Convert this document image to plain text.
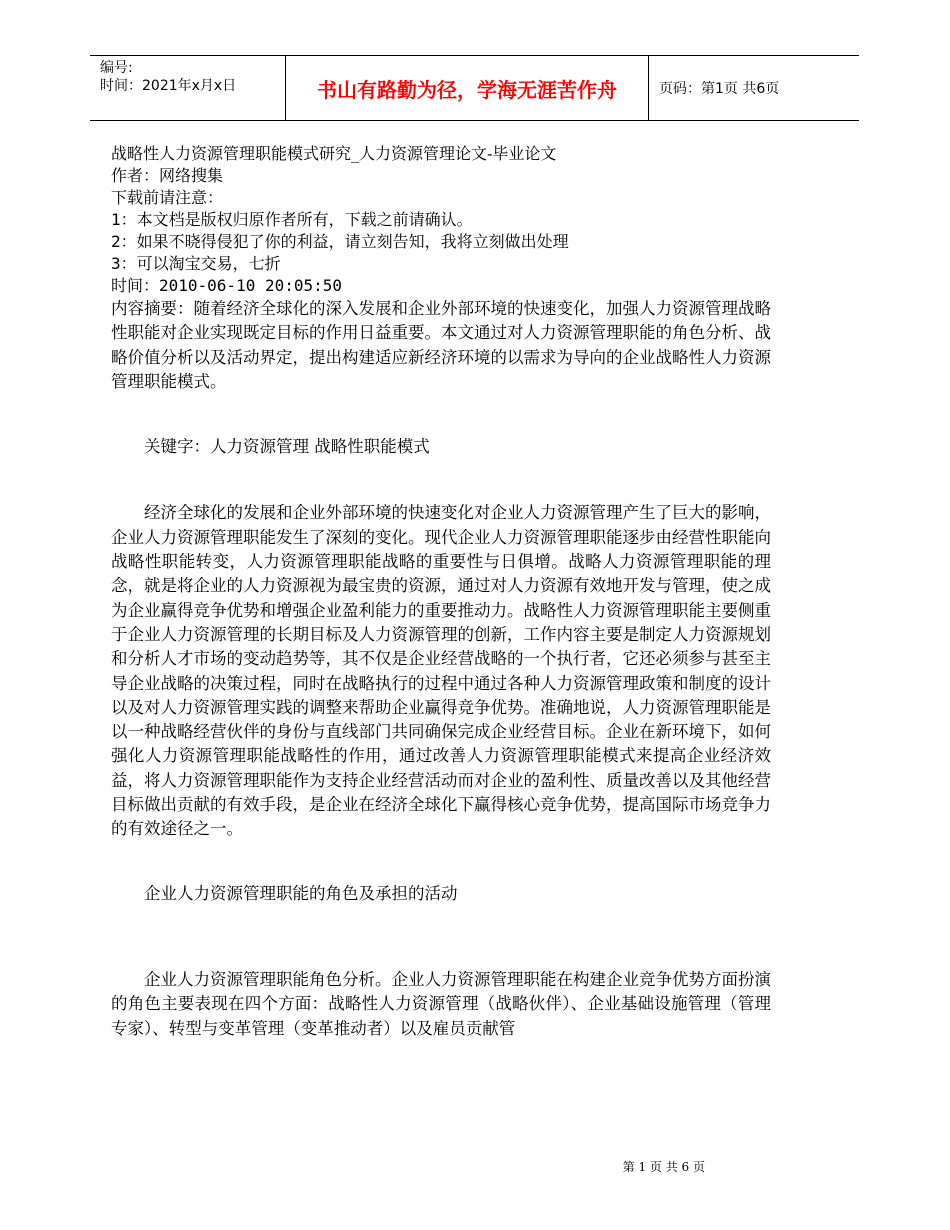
编号:
时间：2021年x月x日	书山有路勤为径，学海无涯苦作舟	页码：第1页 共6页
战略性人力资源管理职能模式研究_人力资源管理论文-毕业论文
作者：网络搜集
下载前请注意：
1：本文档是版权归原作者所有，下载之前请确认。
2：如果不晓得侵犯了你的利益，请立刻告知，我将立刻做出处理
3：可以淘宝交易，七折
时间：2010-06-10 20:05:50

内容摘要：随着经济全球化的深入发展和企业外部环境的快速变化，加强人力资源管理战略性职能对企业实现既定目标的作用日益重要。本文通过对人力资源管理职能的角色分析、战略价值分析以及活动界定，提出构建适应新经济环境的以需求为导向的企业战略性人力资源管理职能模式。

关键字：人力资源管理 战略性职能模式

经济全球化的发展和企业外部环境的快速变化对企业人力资源管理产生了巨大的影响，企业人力资源管理职能发生了深刻的变化。现代企业人力资源管理职能逐步由经营性职能向战略性职能转变，人力资源管理职能战略的重要性与日俱增。战略人力资源管理职能的理念，就是将企业的人力资源视为最宝贵的资源，通过对人力资源有效地开发与管理，使之成为企业赢得竞争优势和增强企业盈利能力的重要推动力。战略性人力资源管理职能主要侧重于企业人力资源管理的长期目标及人力资源管理的创新，工作内容主要是制定人力资源规划和分析人才市场的变动趋势等，其不仅是企业经营战略的一个执行者，它还必须参与甚至主导企业战略的决策过程，同时在战略执行的过程中通过各种人力资源管理政策和制度的设计以及对人力资源管理实践的调整来帮助企业赢得竞争优势。准确地说，人力资源管理职能是以一种战略经营伙伴的身份与直线部门共同确保完成企业经营目标。企业在新环境下，如何强化人力资源管理职能战略性的作用，通过改善人力资源管理职能模式来提高企业经济效益，将人力资源管理职能作为支持企业经营活动而对企业的盈利性、质量改善以及其他经营目标做出贡献的有效手段，是企业在经济全球化下赢得核心竞争优势，提高国际市场竞争力的有效途径之一。

企业人力资源管理职能的角色及承担的活动

企业人力资源管理职能角色分析。企业人力资源管理职能在构建企业竞争优势方面扮演的角色主要表现在四个方面：战略性人力资源管理（战略伙伴）、企业基础设施管理（管理专家）、转型与变革管理（变革推动者）以及雇员贡献管

第 1 页 共 6 页
